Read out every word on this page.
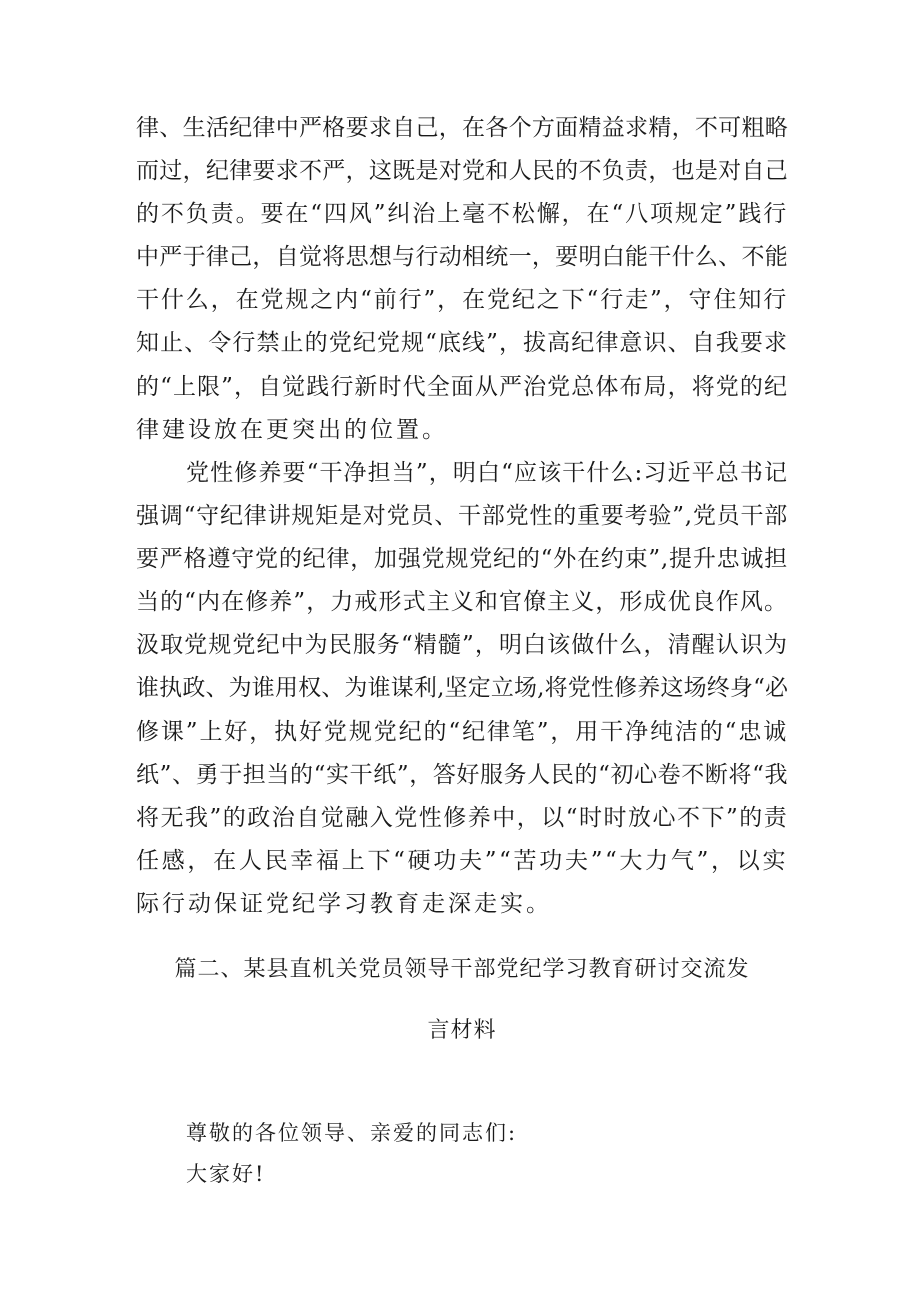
律、生活纪律中严格要求自己，在各个方面精益求精，不可粗略
而过，纪律要求不严，这既是对党和人民的不负责，也是对自己
的不负责。要在“四风”纠治上毫不松懈，在“八项规定”践行
中严于律己，自觉将思想与行动相统一，要明白能干什么、不能
干什么，在党规之内“前行”，在党纪之下“行走”，守住知行
知止、令行禁止的党纪党规“底线”，拔高纪律意识、自我要求
的“上限”，自觉践行新时代全面从严治党总体布局，将党的纪
律建设放在更突出的位置。
党性修养要“干净担当”，明白“应该干什么:习近平总书记
强调“守纪律讲规矩是对党员、干部党性的重要考验”,党员干部
要严格遵守党的纪律，加强党规党纪的“外在约束”,提升忠诚担
当的“内在修养”，力戒形式主义和官僚主义，形成优良作风。
汲取党规党纪中为民服务“精髓”，明白该做什么，清醒认识为
谁执政、为谁用权、为谁谋利,坚定立场,将党性修养这场终身“必
修课”上好，执好党规党纪的“纪律笔”，用干净纯洁的“忠诚
纸”、勇于担当的“实干纸”，答好服务人民的“初心卷不断将“我
将无我”的政治自觉融入党性修养中，以“时时放心不下”的责
任感，在人民幸福上下“硬功夫”“苦功夫”“大力气”，以实
际行动保证党纪学习教育走深走实。
篇二、某县直机关党员领导干部党纪学习教育研讨交流发
言材料
尊敬的各位领导、亲爱的同志们:
大家好!
